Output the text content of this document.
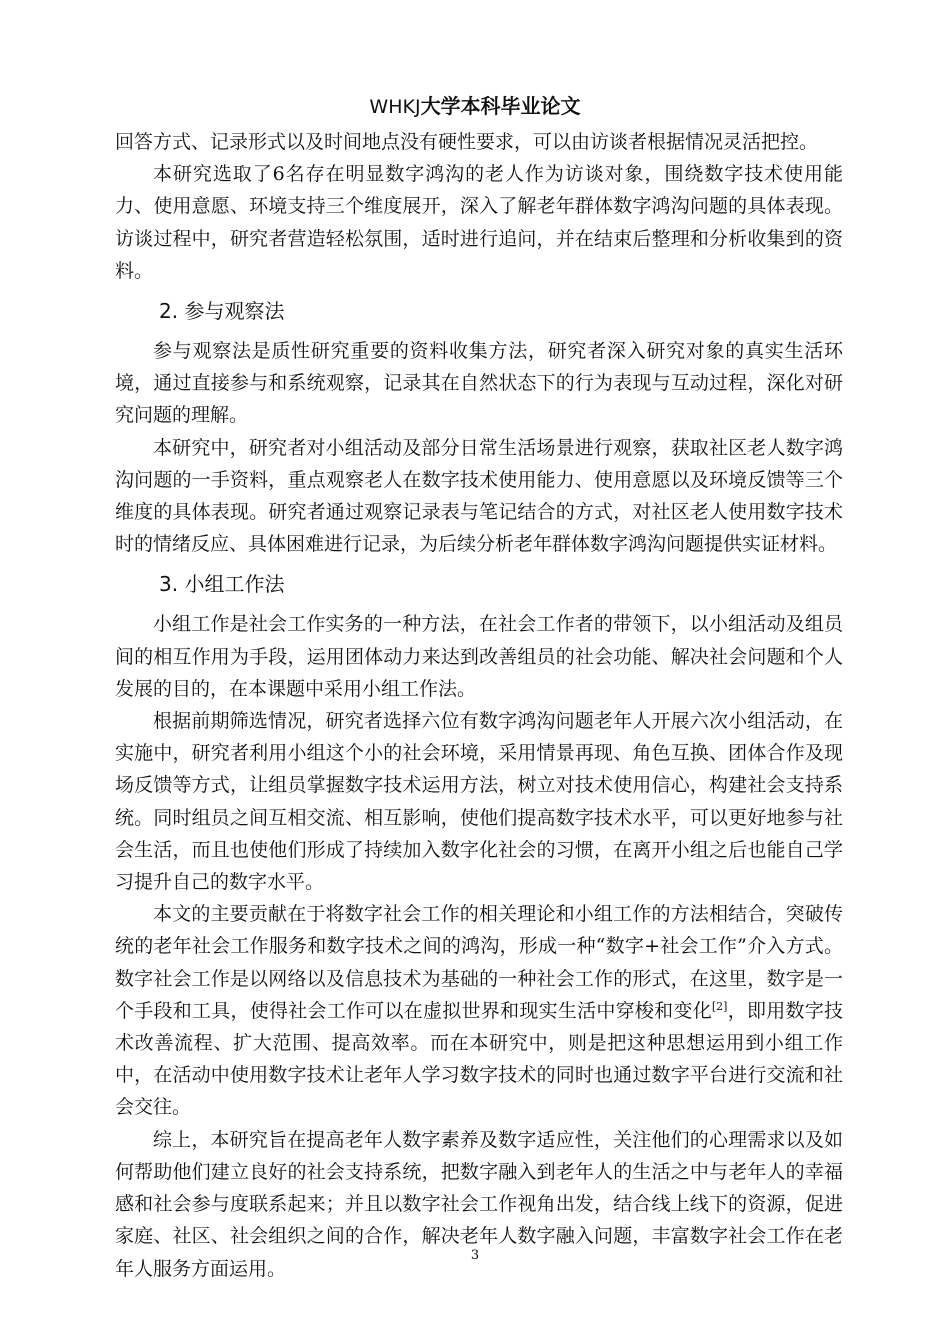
WHKJ大学本科毕业论文

回答方式、记录形式以及时间地点没有硬性要求，可以由访谈者根据情况灵活把控。

本研究选取了6名存在明显数字鸿沟的老人作为访谈对象，围绕数字技术使用能力、使用意愿、环境支持三个维度展开，深入了解老年群体数字鸿沟问题的具体表现。访谈过程中，研究者营造轻松氛围，适时进行追问，并在结束后整理和分析收集到的资料。

2. 参与观察法

参与观察法是质性研究重要的资料收集方法，研究者深入研究对象的真实生活环境，通过直接参与和系统观察，记录其在自然状态下的行为表现与互动过程，深化对研究问题的理解。

本研究中，研究者对小组活动及部分日常生活场景进行观察，获取社区老人数字鸿沟问题的一手资料，重点观察老人在数字技术使用能力、使用意愿以及环境反馈等三个维度的具体表现。研究者通过观察记录表与笔记结合的方式，对社区老人使用数字技术时的情绪反应、具体困难进行记录，为后续分析老年群体数字鸿沟问题提供实证材料。

3. 小组工作法

小组工作是社会工作实务的一种方法，在社会工作者的带领下，以小组活动及组员间的相互作用为手段，运用团体动力来达到改善组员的社会功能、解决社会问题和个人发展的目的，在本课题中采用小组工作法。

根据前期筛选情况，研究者选择六位有数字鸿沟问题老年人开展六次小组活动，在实施中，研究者利用小组这个小的社会环境，采用情景再现、角色互换、团体合作及现场反馈等方式，让组员掌握数字技术运用方法，树立对技术使用信心，构建社会支持系统。同时组员之间互相交流、相互影响，使他们提高数字技术水平，可以更好地参与社会生活，而且也使他们形成了持续加入数字化社会的习惯，在离开小组之后也能自己学习提升自己的数字水平。

本文的主要贡献在于将数字社会工作的相关理论和小组工作的方法相结合，突破传统的老年社会工作服务和数字技术之间的鸿沟，形成一种“数字+社会工作”介入方式。数字社会工作是以网络以及信息技术为基础的一种社会工作的形式，在这里，数字是一个手段和工具，使得社会工作可以在虚拟世界和现实生活中穿梭和变化[2]，即用数字技术改善流程、扩大范围、提高效率。而在本研究中，则是把这种思想运用到小组工作中，在活动中使用数字技术让老年人学习数字技术的同时也通过数字平台进行交流和社会交往。

综上，本研究旨在提高老年人数字素养及数字适应性，关注他们的心理需求以及如何帮助他们建立良好的社会支持系统，把数字融入到老年人的生活之中与老年人的幸福感和社会参与度联系起来；并且以数字社会工作视角出发，结合线上线下的资源，促进家庭、社区、社会组织之间的合作，解决老年人数字融入问题，丰富数字社会工作在老年人服务方面运用。

3
